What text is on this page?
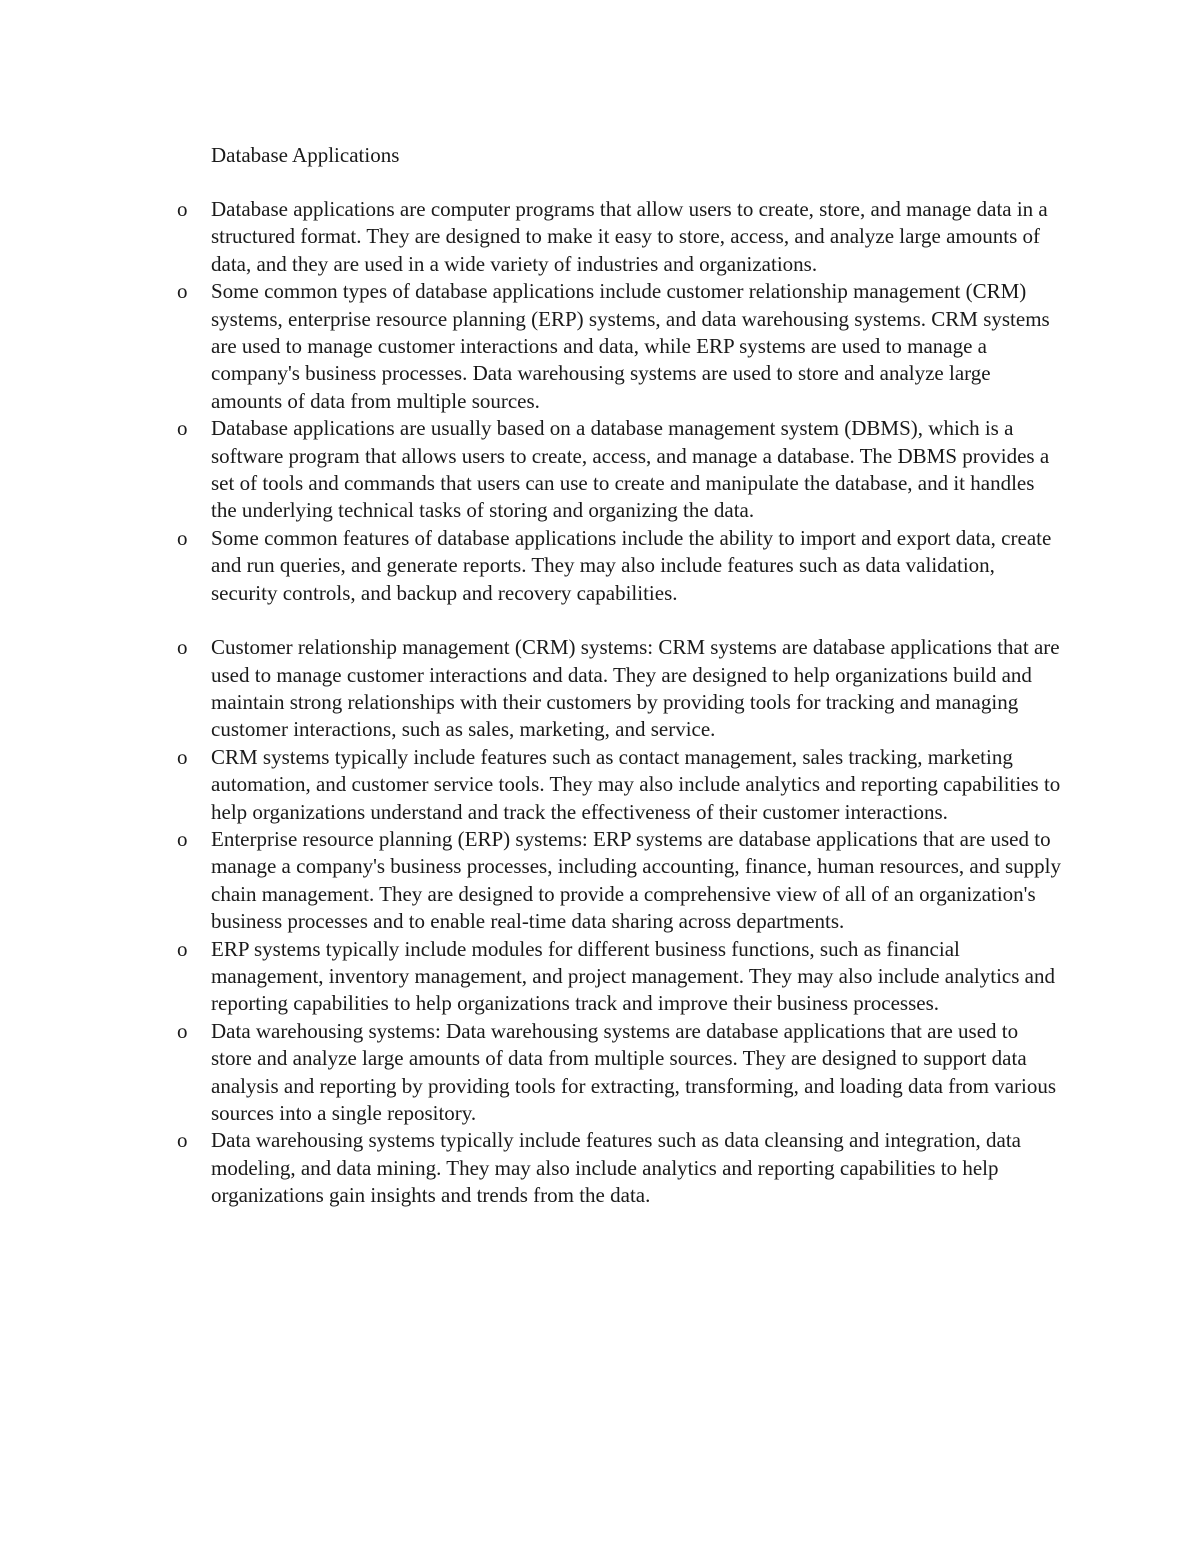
Database Applications
o Database applications are computer programs that allow users to create, store, and manage data in a structured format. They are designed to make it easy to store, access, and analyze large amounts of data, and they are used in a wide variety of industries and organizations.
o Some common types of database applications include customer relationship management (CRM) systems, enterprise resource planning (ERP) systems, and data warehousing systems. CRM systems are used to manage customer interactions and data, while ERP systems are used to manage a company's business processes. Data warehousing systems are used to store and analyze large amounts of data from multiple sources.
o Database applications are usually based on a database management system (DBMS), which is a software program that allows users to create, access, and manage a database. The DBMS provides a set of tools and commands that users can use to create and manipulate the database, and it handles the underlying technical tasks of storing and organizing the data.
o Some common features of database applications include the ability to import and export data, create and run queries, and generate reports. They may also include features such as data validation, security controls, and backup and recovery capabilities.
o Customer relationship management (CRM) systems: CRM systems are database applications that are used to manage customer interactions and data. They are designed to help organizations build and maintain strong relationships with their customers by providing tools for tracking and managing customer interactions, such as sales, marketing, and service.
o CRM systems typically include features such as contact management, sales tracking, marketing automation, and customer service tools. They may also include analytics and reporting capabilities to help organizations understand and track the effectiveness of their customer interactions.
o Enterprise resource planning (ERP) systems: ERP systems are database applications that are used to manage a company's business processes, including accounting, finance, human resources, and supply chain management. They are designed to provide a comprehensive view of all of an organization's business processes and to enable real-time data sharing across departments.
o ERP systems typically include modules for different business functions, such as financial management, inventory management, and project management. They may also include analytics and reporting capabilities to help organizations track and improve their business processes.
o Data warehousing systems: Data warehousing systems are database applications that are used to store and analyze large amounts of data from multiple sources. They are designed to support data analysis and reporting by providing tools for extracting, transforming, and loading data from various sources into a single repository.
o Data warehousing systems typically include features such as data cleansing and integration, data modeling, and data mining. They may also include analytics and reporting capabilities to help organizations gain insights and trends from the data.
